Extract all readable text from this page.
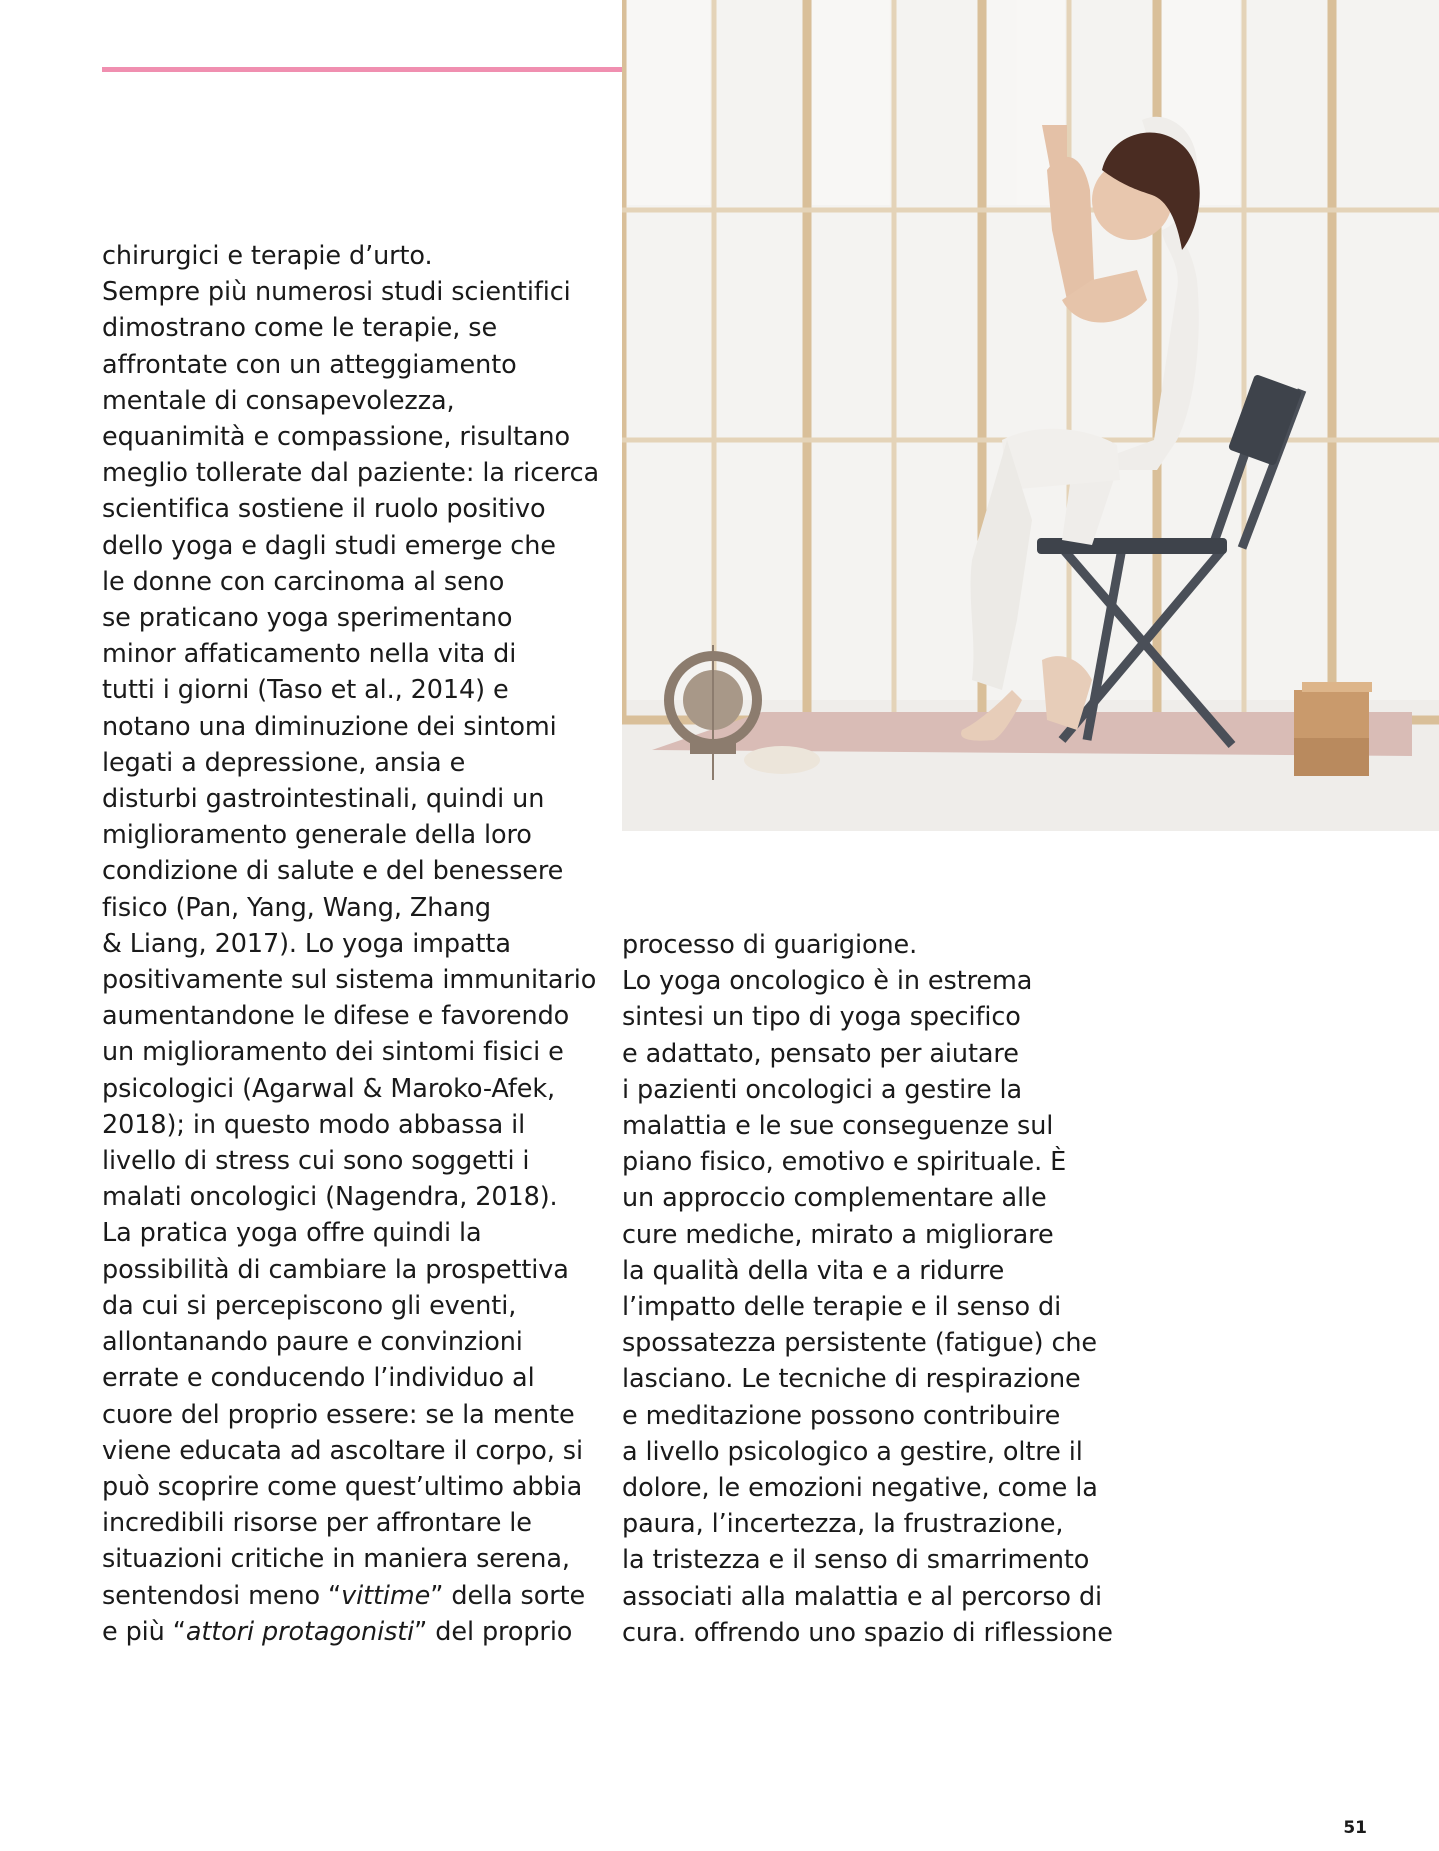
chirurgici e terapie d’urto.
Sempre più numerosi studi scientifici
dimostrano come le terapie, se
affrontate con un atteggiamento
mentale di consapevolezza,
equanimità e compassione, risultano
meglio tollerate dal paziente: la ricerca
scientifica sostiene il ruolo positivo
dello yoga e dagli studi emerge che
le donne con carcinoma al seno
se praticano yoga sperimentano
minor affaticamento nella vita di
tutti i giorni (Taso et al., 2014) e
notano una diminuzione dei sintomi
legati a depressione, ansia e
disturbi gastrointestinali, quindi un
miglioramento generale della loro
condizione di salute e del benessere
fisico (Pan, Yang, Wang, Zhang
& Liang, 2017). Lo yoga impatta
positivamente sul sistema immunitario
aumentandone le difese e favorendo
un miglioramento dei sintomi fisici e
psicologici (Agarwal & Maroko-Afek,
2018); in questo modo abbassa il
livello di stress cui sono soggetti i
malati oncologici (Nagendra, 2018).
La pratica yoga offre quindi la
possibilità di cambiare la prospettiva
da cui si percepiscono gli eventi,
allontanando paure e convinzioni
errate e conducendo l’individuo al
cuore del proprio essere: se la mente
viene educata ad ascoltare il corpo, si
può scoprire come quest’ultimo abbia
incredibili risorse per affrontare le
situazioni critiche in maniera serena,
sentendosi meno “vittime” della sorte
e più “attori protagonisti” del proprio

processo di guarigione.
Lo yoga oncologico è in estrema
sintesi un tipo di yoga specifico
e adattato, pensato per aiutare
i pazienti oncologici a gestire la
malattia e le sue conseguenze sul
piano fisico, emotivo e spirituale. È
un approccio complementare alle
cure mediche, mirato a migliorare
la qualità della vita e a ridurre
l’impatto delle terapie e il senso di
spossatezza persistente (fatigue) che
lasciano. Le tecniche di respirazione
e meditazione possono contribuire
a livello psicologico a gestire, oltre il
dolore, le emozioni negative, come la
paura, l’incertezza, la frustrazione,
la tristezza e il senso di smarrimento
associati alla malattia e al percorso di
cura. offrendo uno spazio di riflessione

51
